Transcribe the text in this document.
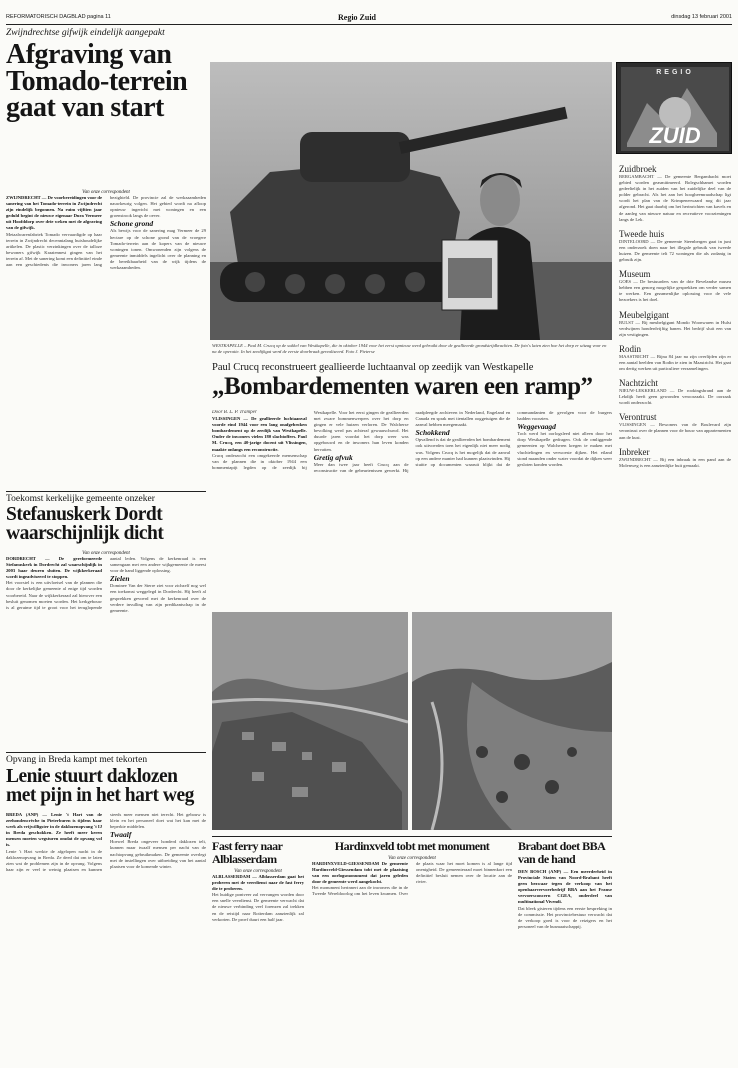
REFORMATORISCH DAGBLAD pagina 11	Regio Zuid	dinsdag 13 februari 2001
Zwijndrechtse gifwijk eindelijk aangepakt
Afgraving van Tomado-terrein gaat van start
Van onze correspondent
ZWIJNDRECHT — De voorbereidingen voor de sanering van het Tomado-terrein in Zwijndrecht zijn eindelijk begonnen. Na ruim vijftien jaar geduld begint de nieuwe eigenaar Dura Vermeer uit Hoofddorp over drie weken met de afgraving van de gifwijk.

Metaalwarenfabriek Tomado vervaardigde op haar terrein in Zwijndrecht decennialang huishoudelijke artikelen. De plastic verzinkingen over de talloze bewoners gifwijk Kraaiennest gingen van het terrein af. Met de sanering komt een definitief einde aan een geschiedenis die inwoners jaren lang bezighield. De provincie zal de werkzaamheden nauwkeurig volgen. Het gebied wordt na afloop opnieuw ingericht met woningen en een groenstrook langs de oever.

Schone grond

Als bewijs voor de sanering mag Vermeer de 29 hectare op de schone grond van de vroegere Tomado-terrein aan de kopers van de nieuwe woningen tonen. Omwonenden zijn volgens de gemeente inmiddels ingelicht over de planning en de bereikbaarheid van de wijk tijdens de werkzaamheden.

REGIO
ZUID
Zuidbroek
BERGAMBACHT — De gemeente Bergambacht moet gebied worden geasmitimeerd. Bolegschhamet worden gedeeltelijk in het zuiden van het zuidelijke deel van de polder gebracht. Als het aan het hoogheemraadschap ligt wordt het plan van de Krimpenerwaard nog dit jaar afgerond. Het gaat daarbij om het herinrichten van kavels en de aanleg van nieuwe natuur en recreatieve voorzieningen langs de Lek.
Tweede huis
DINTELOORD — De gemeente Steenbergen gaat in juni een onderzoek doen naar het illegale gebruik van tweede huizen. De gemeente telt 72 woningen die als zodanig in gebruik zijn.
Museum
GOES — De bestuurders van de drie Bevelandse musea hebben een genoeg mogelijke gesprekken om verder samen te werken. Een gezamenlijke oplossing voor de vele bezoekers is het doel.
Meubelgigant
BULST — Bij meubelgigant Mondo Woonwaren in Hulst verdwijnen honderdvijftig banen. Het bedrijf sluit een van zijn vestigingen.
Rodin
MAASTRICHT — Bijna 84 jaar na zijn overlijden zijn er een aantal beelden van Rodin te zien in Maastricht. Het gaat om dertig werken uit particuliere verzamelingen.
Nachtzicht
NIEUW-LEKKERLAND — De rookingsbrand aan de Lekdijk heeft geen gewonden veroorzaakt. De oorzaak wordt onderzocht.
Verontrust
VLISSINGEN — Bewoners van de Boulevard zijn verontrust over de plannen voor de bouw van appartementen aan de kust.
Inbreker
ZWIJNDRECHT — Bij een inbraak in een pand aan de Molenweg is een aanzienlijke buit gemaakt.
WESTKAPELLE – Paul M. Crucq op de sokkel van Westkapelle, die in oktober 1944 voor het eerst opnieuw werd gebruikt door de geallieerde grondstrijdkrachten. De foto's laten zien hoe het dorp er uitzag voor en na de operatie. In het zeedijkgat werd de eerste doorbraak gerealiseerd. Foto J. Pieterse
Paul Crucq reconstrueert geallieerde luchtaanval op zeedijk van Westkapelle
„Bombardementen waren een ramp”
Door B. L. P. Tramper
VLISSINGEN — De geallieerde luchtaanval voorde eind 1944 voor een lang onafgebroken bombardement op de zeedijk van Westkapelle. Onder de inwoners vielen 180 slachtoffers. Paul M. Crucq, een 40-jarige docent uit Vlissingen, maakte onlangs een reconstructie.

Crucq onderzocht een omgekeerde mensenschap van de plannen die in oktober 1944 een bommentapijt legden op de zeedijk bij Westkapelle. Voor het eerst gingen de geallieerden met zware bommenwerpers over het dorp en gingen er vele huizen verloren. De Walcherse bevolking werd pas achteraf gewaarschuwd. Het duurde jaren voordat het dorp weer was opgebouwd en de inwoners hun leven konden hervatten.

Gretig afvuk

Meer dan twee jaar heeft Crucq aan de reconstructie van de gebeurtenissen gewerkt. Hij raadpleegde archieven in Nederland, Engeland en Canada en sprak met tientallen ooggetuigen die de aanval hebben meegemaakt.

Schokkend

Opvallend is dat de geallieerden het bombardement ook uitvoerden toen het eigenlijk niet meer nodig was. Volgens Crucq is het mogelijk dat de aanval op een andere manier had kunnen plaatsvinden. Hij stuitte op documenten waaruit blijkt dat de commandanten de gevolgen voor de burgers hadden voorzien.

Weggevaagd

Toch werd het oorlogsleed niet alleen door het dorp Westkapelle gedragen. Ook de omliggende gemeenten op Walcheren kregen te maken met vluchtelingen en verwoeste dijken. Het eiland stond maanden onder water voordat de dijken weer gesloten konden worden.

Toekomst kerkelijke gemeente onzeker
Stefanuskerk Dordt waarschijnlijk dicht
Van onze correspondent
DORDRECHT — De gereformeerde Stefanuskerk in Dordrecht zal waarschijnlijk in 2003 haar deuren sluiten. De wijkkerkeraad wordt ingeadviseerd te stoppen.

Het voorstel is een uitvloeisel van de plannen die door de kerkelijke gemeente al enige tijd worden voorbereid. Naar de wijkkerkeraad zal hierover een besluit genomen moeten worden. Het kerkgebouw is al geruime tijd te groot voor het teruglopende aantal leden. Volgens de kerkenraad is een samengaan met een andere wijkgemeente de meest voor de hand liggende oplossing.

Zielen

Dominee Van der Sterre ziet voor zichzelf nog wel een toekomst weggelegd in Dordrecht. Hij heeft al gesprekken gevoerd met de kerkenraad over de verdere invulling van zijn predikantschap in de gemeente.

Opvang in Breda kampt met tekorten
Lenie stuurt daklozen met pijn in het hart weg
BREDA (ANP) — Lenie 't Hart van de zeehondencrèche in Pieterburen is tijdens haar werk als vrijwilligster in de daklozenopvang 't IJ in Breda geschokken. Ze heeft meer keren mensen moeten wegsturen omdat de opvang vol is.

Lenie 't Hart werkte de afgelopen nacht in de daklozenopvang in Breda. Ze deed dat om te laten zien wat de problemen zijn in de opvang. Volgens haar zijn er veel te weinig plaatsen en kunnen steeds meer mensen niet terecht. Het gebouw is klein en het personeel doet wat het kan met de beperkte middelen.

Twaalf

Hoewel Breda ongeveer honderd daklozen telt, kunnen maar twaalf mensen per nacht van de nachtopvang gebruikmaken. De gemeente overlegt met de instellingen over uitbreiding van het aantal plaatsen voor de komende winter.

Fast ferry naar Alblasserdam
Van onze correspondent
ALBLASSERDAM — Alblasserdam gaat het proberen met de veerdienst naar de fast ferry die te proberen.

Het huidige pontveer zal vervangen worden door een snelle veerdienst. De gemeente verwacht dat de nieuwe verbinding veel forenzen zal trekken en de reistijd naar Rotterdam aanzienlijk zal verkorten. De proef duurt een half jaar.

Hardinxveld tobt met monument
Van onze correspondent
HARDINXVELD-GIESSENDAM De gemeente Hardinxveld-Giessendam tobt met de plaatsing van een oorlogsmonument dat jaren geleden door de gemeente werd aangekocht.

Het monument herinnert aan de inwoners die in de Tweede Wereldoorlog om het leven kwamen. Over de plaats waar het moet komen is al lange tijd onenigheid. De gemeenteraad moet binnenkort een definitief besluit nemen over de locatie aan de rivier.

Brabant doet BBA van de hand
DEN BOSCH (ANP) — Een meerderheid in Provinciale Staten van Noord-Brabant heeft geen bezwaar tegen de verkoop van het openbaarvervoerbedrijf BBA aan het Franse vervoersconcern CGEA, onderdeel van multinational Vivendi.

Dat bleek gisteren tijdens een eerste bespreking in de commissie. Het provinciebestuur verwacht dat de verkoop goed is voor de reizigers en het personeel van de busmaatschappij.
